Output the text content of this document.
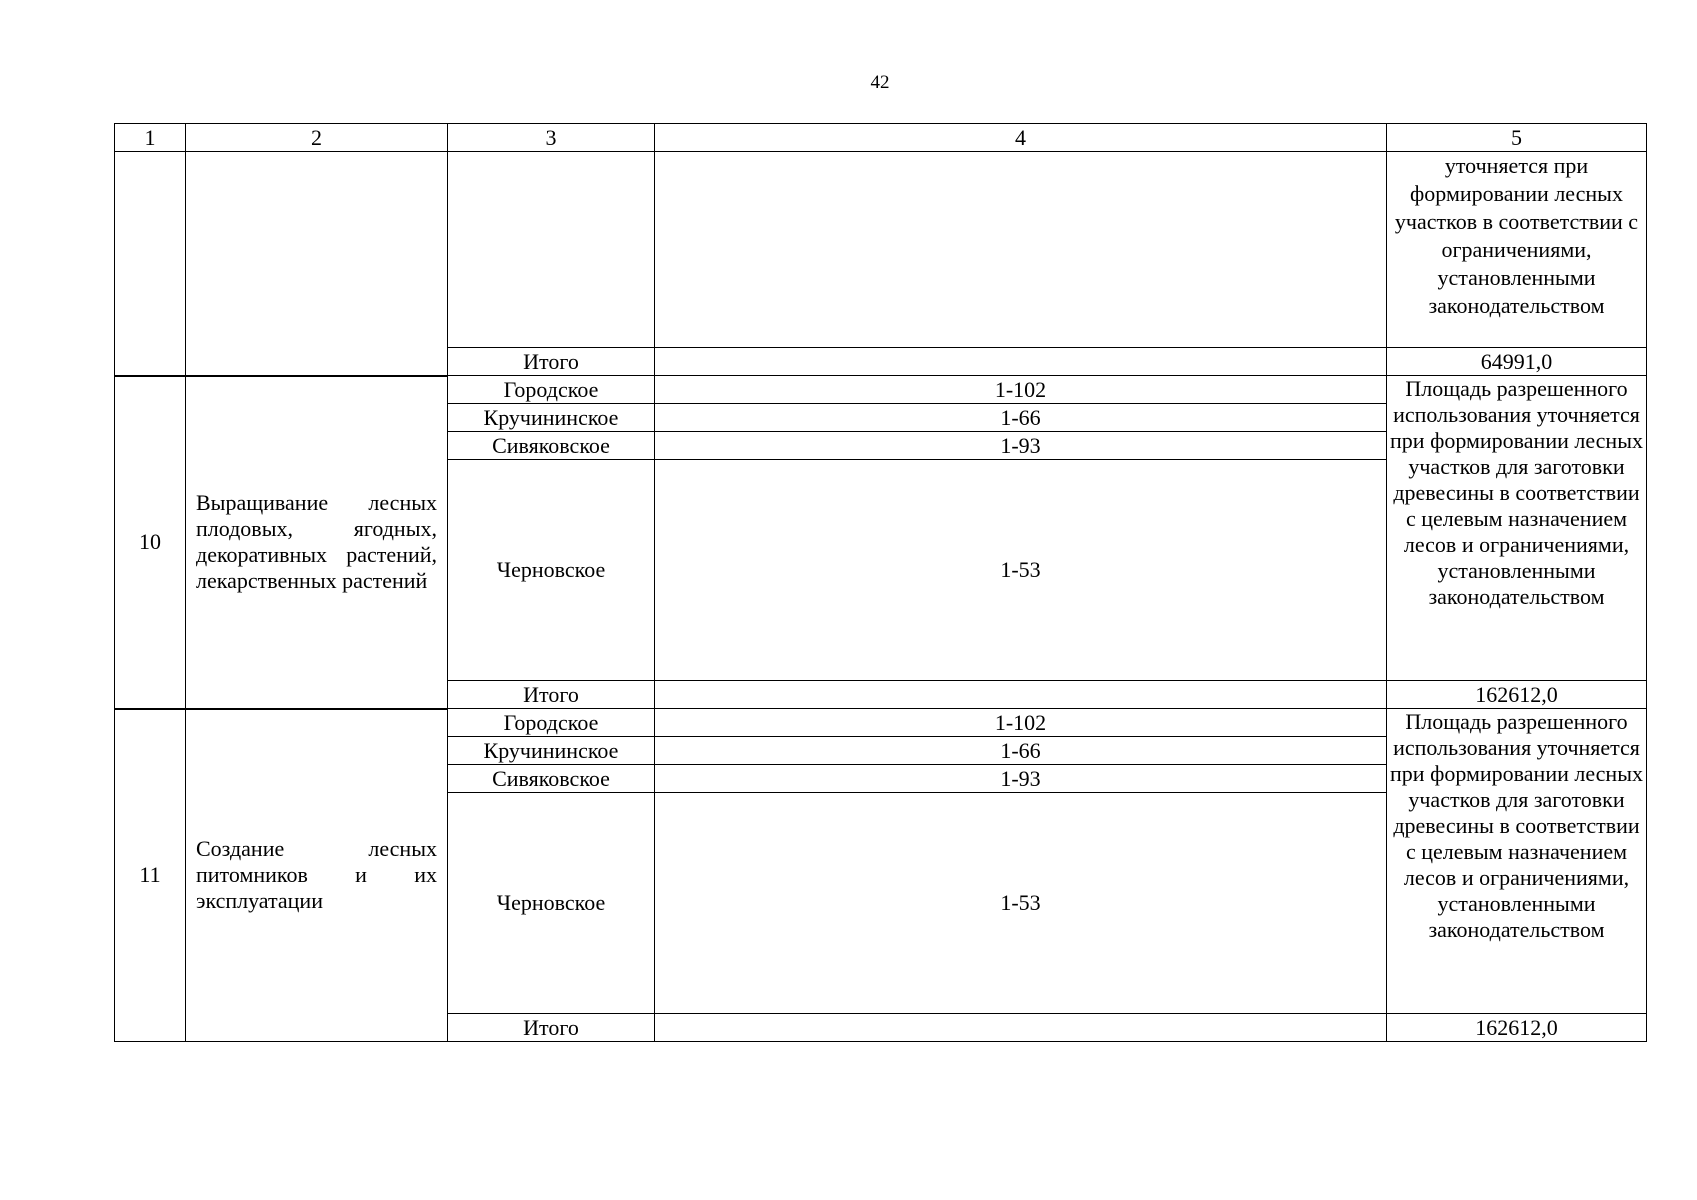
42
1	2	3	4	5
				уточняется при формировании лесных участков в соответствии с ограничениями, установленными законодательством
		Итого		64991,0
10	Выращивание лесных плодовых, ягодных, декоративных растений, лекарственных растений	Городское	1-102	Площадь разрешенного использования уточняется при формировании лесных участков для заготовки древесины в соответствии с целевым назначением лесов и ограничениями, установленными законодательством
		Кручининское	1-66	
		Сивяковское	1-93	
		Черновское	1-53	
		Итого		162612,0
11	Создание лесных питомников и их эксплуатации	Городское	1-102	Площадь разрешенного использования уточняется при формировании лесных участков для заготовки древесины в соответствии с целевым назначением лесов и ограничениями, установленными законодательством
		Кручининское	1-66	
		Сивяковское	1-93	
		Черновское	1-53	
		Итого		162612,0
